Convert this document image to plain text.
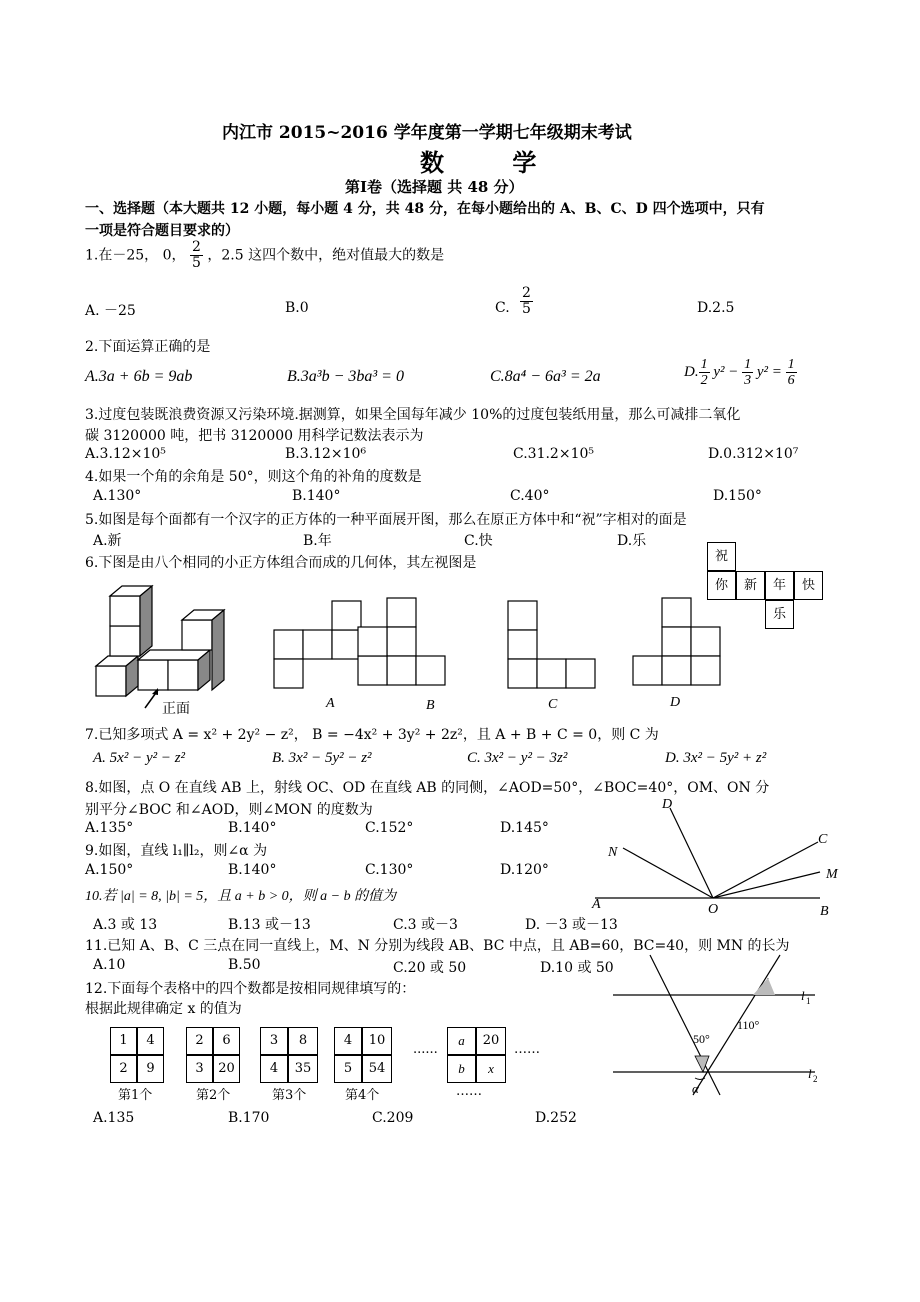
内江市 2015~2016 学年度第一学期七年级期末考试
数 学
第Ⅰ卷（选择题 共 48 分）
一、选择题（本大题共 12 小题，每小题 4 分，共 48 分，在每小题给出的 A、B、C、D 四个选项中，只有
一项是符合题目要求的）
1.在－25， 0， $\frac{2}{5}$ ，2.5 这四个数中，绝对值最大的数是
A. －25	B.0	C. $\frac{2}{5}$	D.2.5
2.下面运算正确的是
A.3a + 6b = 9ab	B.3a³b − 3ba³ = 0	C.8a⁴ − 6a³ = 2a	D. $\frac{1}{2} y^2 - \frac{1}{3} y^2 = \frac{1}{6}$
3.过度包装既浪费资源又污染环境.据测算，如果全国每年减少 10%的过度包装纸用量，那么可减排二氧化
碳 3120000 吨，把书 3120000 用科学记数法表示为
A.3.12×10⁵	B.3.12×10⁶	C.31.2×10⁵	D.0.312×10⁷
4.如果一个角的余角是 50°，则这个角的补角的度数是
A.130°	B.140°	C.40°	D.150°
5.如图是每个面都有一个汉字的正方体的一种平面展开图，那么在原正方体中和“祝”字相对的面是
A.新	B.年	C.快	D.乐
祝
你	新	年	快
乐
6.下图是由八个相同的小正方体组合而成的几何体，其左视图是
正面	A	B	C	D
7.已知多项式 A = x² + 2y² − z²， B = −4x² + 3y² + 2z²，且 A + B + C = 0，则 C 为
A. 5x² − y² − z²	B. 3x² − 5y² − z²	C. 3x² − y² − 3z²	D. 3x² − 5y² + z²
8.如图，点 O 在直线 AB 上，射线 OC、OD 在直线 AB 的同侧，∠AOD=50°，∠BOC=40°，OM、ON 分
别平分∠BOC 和∠AOD，则∠MON 的度数为
A.135°	B.140°	C.152°	D.145°
D
C
N
M
A	O	B
9.如图，直线 l₁∥l₂，则∠α 为
A.150°	B.140°	C.130°	D.120°
10.若 |a| = 8, |b| = 5，且 a + b > 0，则 a − b 的值为
A.3 或 13	B.13 或－13	C.3 或－3	D. －3 或－13
11.已知 A、B、C 三点在同一直线上，M、N 分别为线段 AB、BC 中点，且 AB=60，BC=40，则 MN 的长为
A.10	B.50	C.20 或 50	D.10 或 50
l 1
l 2
110°
50°
α
12.下面每个表格中的四个数都是按相同规律填写的：
根据此规律确定 x 的值为
1	4
2	9
第1个
2	6
3	20
第2个
3	8
4	35
第3个
4	10
5	54
第4个
......
a	20
b	x
……
……
A.135	B.170	C.209	D.252
